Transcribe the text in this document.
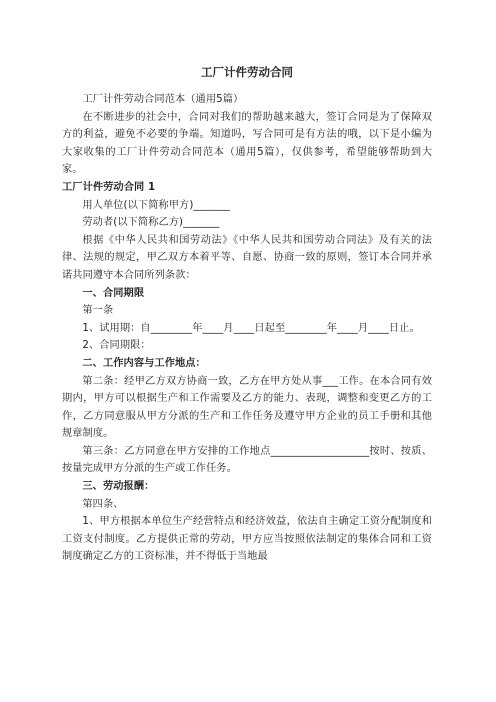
工厂计件劳动合同

工厂计件劳动合同范本（通用5篇）

在不断进步的社会中，合同对我们的帮助越来越大，签订合同是为了保障双方的利益，避免不必要的争端。知道吗，写合同可是有方法的哦，以下是小编为大家收集的工厂计件劳动合同范本（通用5篇），仅供参考，希望能够帮助到大家。

工厂计件劳动合同 1

用人单位(以下简称甲方)_______

劳动者(以下简称乙方)_______

根据《中华人民共和国劳动法》《中华人民共和国劳动合同法》及有关的法律、法规的规定，甲乙双方本着平等、自愿、协商一致的原则，签订本合同并承诺共同遵守本合同所列条款：

一、合同期限

第一条

1、试用期：自________年____月____日起至________年____月____日止。

2、合同期限：

二、工作内容与工作地点：

第二条：经甲乙方双方协商一致，乙方在甲方处从事___工作。在本合同有效期内，甲方可以根据生产和工作需要及乙方的能力、表现，调整和变更乙方的工作，乙方同意服从甲方分派的生产和工作任务及遵守甲方企业的员工手册和其他规章制度。

第三条：乙方同意在甲方安排的工作地点___________________按时、按质、按量完成甲方分派的生产或工作任务。

三、劳动报酬：

第四条、

1、甲方根据本单位生产经营特点和经济效益，依法自主确定工资分配制度和工资支付制度。乙方提供正常的劳动，甲方应当按照依法制定的集体合同和工资制度确定乙方的工资标准，并不得低于当地最
